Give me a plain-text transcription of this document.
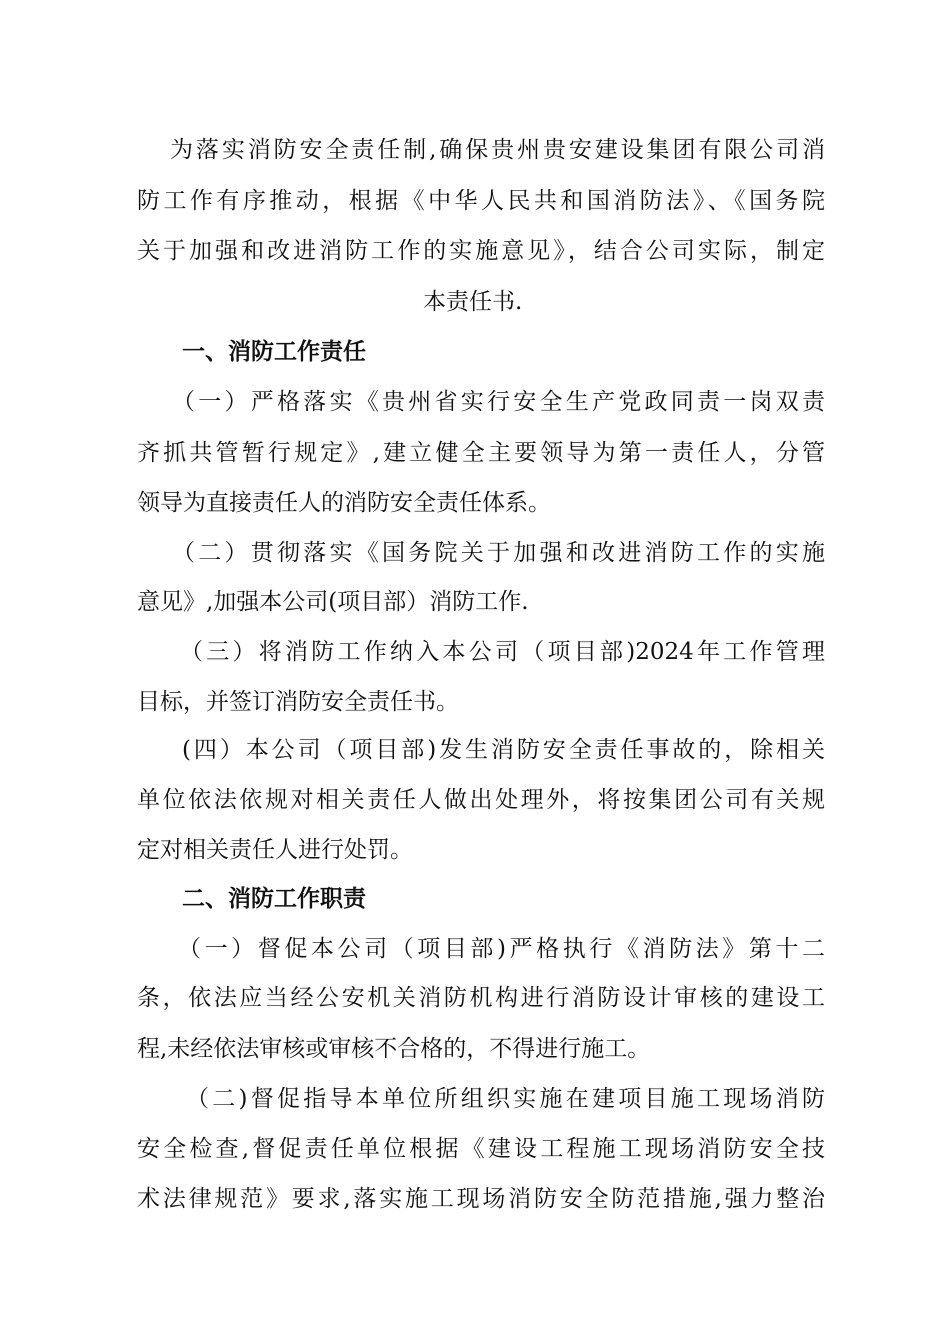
为落实消防安全责任制,确保贵州贵安建设集团有限公司消
防工作有序推动，根据《中华人民共和国消防法》、《国务院
关于加强和改进消防工作的实施意见》，结合公司实际，制定
本责任书.
一、消防工作责任
（一）严格落实《贵州省实行安全生产党政同责一岗双责
齐抓共管暂行规定》,建立健全主要领导为第一责任人，分管
领导为直接责任人的消防安全责任体系。
（二）贯彻落实《国务院关于加强和改进消防工作的实施
意见》,加强本公司(项目部）消防工作.
（三）将消防工作纳入本公司（项目部)2024年工作管理
目标，并签订消防安全责任书。
(四）本公司（项目部)发生消防安全责任事故的，除相关
单位依法依规对相关责任人做出处理外，将按集团公司有关规
定对相关责任人进行处罚。
二、消防工作职责
（一）督促本公司（项目部)严格执行《消防法》第十二
条，依法应当经公安机关消防机构进行消防设计审核的建设工
程,未经依法审核或审核不合格的，不得进行施工。
（二)督促指导本单位所组织实施在建项目施工现场消防
安全检查,督促责任单位根据《建设工程施工现场消防安全技
术法律规范》要求,落实施工现场消防安全防范措施,强力整治
